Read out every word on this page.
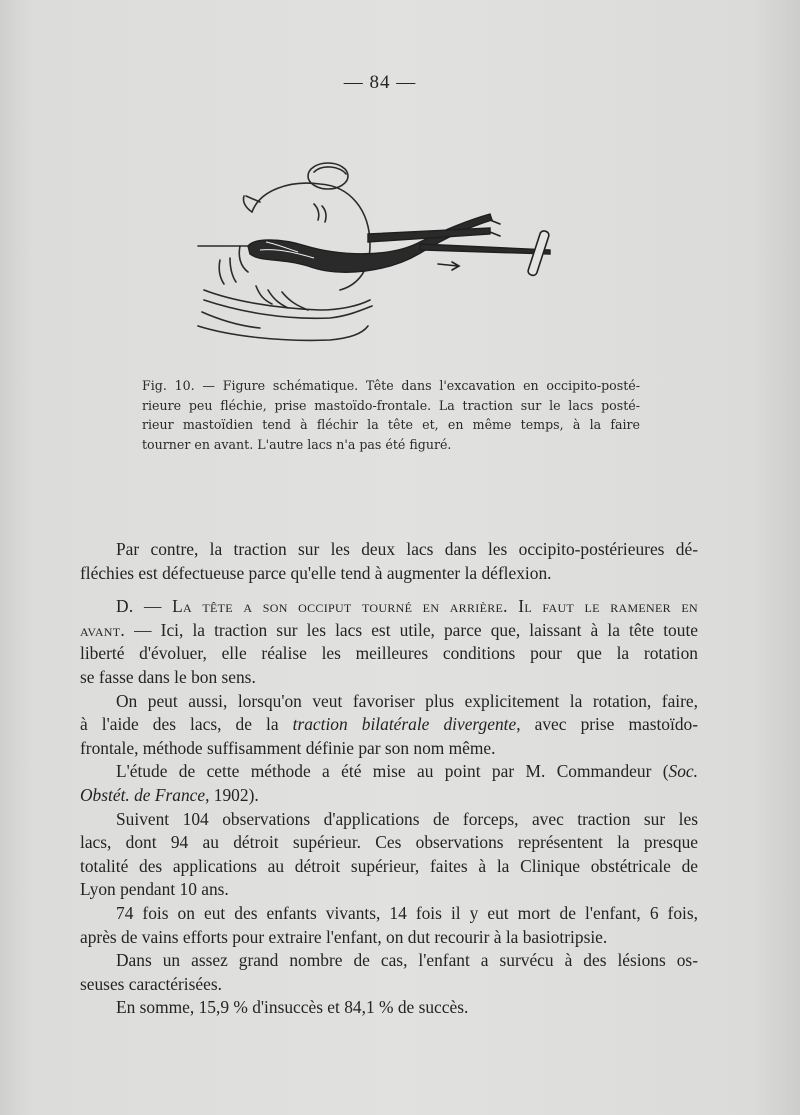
— 84 —
Fig. 10. — Figure schématique. Tête dans l'excavation en occipito-posté-
rieure peu fléchie, prise mastoïdo-frontale. La traction sur le lacs posté-
rieur mastoïdien tend à fléchir la tête et, en même temps, à la faire
tourner en avant. L'autre lacs n'a pas été figuré.
Par contre, la traction sur les deux lacs dans les occipito-postérieures dé-
fléchies est défectueuse parce qu'elle tend à augmenter la déflexion.
D. — La tête a son occiput tourné en arrière. Il faut le ramener en
avant. — Ici, la traction sur les lacs est utile, parce que, laissant à la tête toute
liberté d'évoluer, elle réalise les meilleures conditions pour que la rotation
se fasse dans le bon sens.
On peut aussi, lorsqu'on veut favoriser plus explicitement la rotation, faire,
à l'aide des lacs, de la traction bilatérale divergente, avec prise mastoïdo-
frontale, méthode suffisamment définie par son nom même.
L'étude de cette méthode a été mise au point par M. Commandeur (Soc.
Obstét. de France, 1902).
Suivent 104 observations d'applications de forceps, avec traction sur les
lacs, dont 94 au détroit supérieur. Ces observations représentent la presque
totalité des applications au détroit supérieur, faites à la Clinique obstétricale de
Lyon pendant 10 ans.
74 fois on eut des enfants vivants, 14 fois il y eut mort de l'enfant, 6 fois,
après de vains efforts pour extraire l'enfant, on dut recourir à la basiotripsie.
Dans un assez grand nombre de cas, l'enfant a survécu à des lésions os-
seuses caractérisées.
En somme, 15,9 % d'insuccès et 84,1 % de succès.
